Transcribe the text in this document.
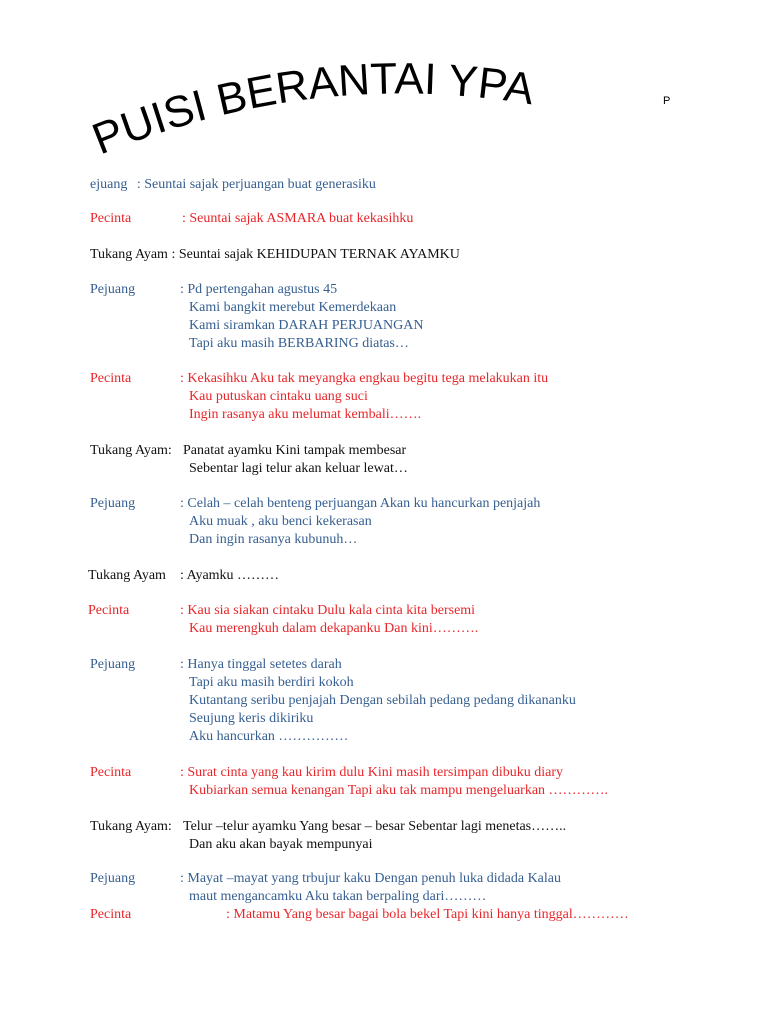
PUISI BERANTAI YPA	P
ejuang : Seuntai sajak perjuangan buat generasiku
Pecinta	: Seuntai sajak ASMARA buat kekasihku
Tukang Ayam : Seuntai sajak KEHIDUPAN TERNAK AYAMKU
Pejuang	: Pd pertengahan agustus 45
Kami bangkit merebut Kemerdekaan
Kami siramkan DARAH PERJUANGAN
Tapi aku masih BERBARING diatas…
Pecinta	: Kekasihku Aku tak meyangka engkau begitu tega melakukan itu
Kau putuskan cintaku uang suci
Ingin rasanya aku melumat kembali…….
Tukang Ayam: Panatat ayamku Kini tampak membesar
Sebentar lagi telur akan keluar lewat…
Pejuang	: Celah – celah benteng perjuangan Akan ku hancurkan penjajah
Aku muak , aku benci kekerasan
Dan ingin rasanya kubunuh…
Tukang Ayam : Ayamku ………
Pecinta	: Kau sia siakan cintaku Dulu kala cinta kita bersemi
Kau merengkuh dalam dekapanku Dan kini……….
Pejuang	: Hanya tinggal setetes darah
Tapi aku masih berdiri kokoh
Kutantang seribu penjajah Dengan sebilah pedang pedang dikananku
Seujung keris dikiriku
Aku hancurkan ……………
Pecinta	: Surat cinta yang kau kirim dulu Kini masih tersimpan dibuku diary
Kubiarkan semua kenangan Tapi aku tak mampu mengeluarkan ………….
Tukang Ayam: Telur –telur ayamku Yang besar – besar Sebentar lagi menetas……..
Dan aku akan bayak mempunyai
Pejuang	: Mayat –mayat yang trbujur kaku Dengan penuh luka didada Kalau
maut mengancamku Aku takan berpaling dari………
Pecinta	: Matamu Yang besar bagai bola bekel Tapi kini hanya tinggal…………
